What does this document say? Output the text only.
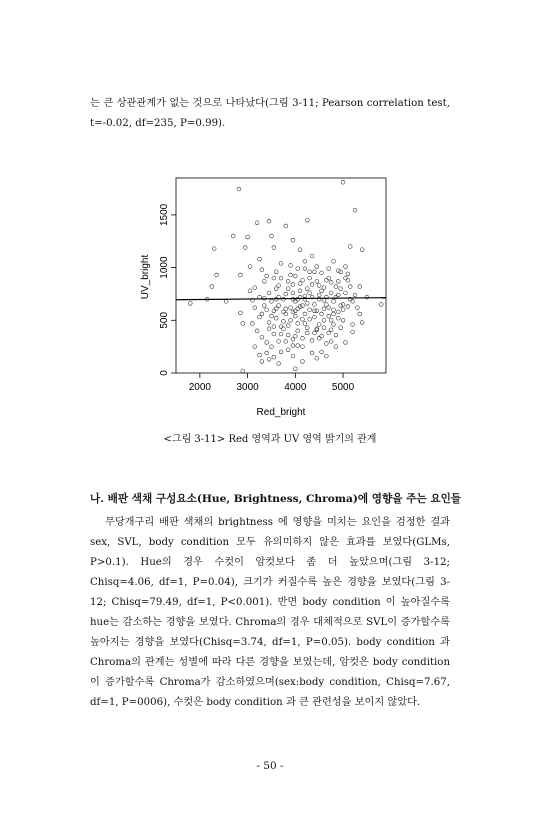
는 큰 상관관계가 없는 것으로 나타났다(그림 3-11; Pearson correlation test, t=-0.02, df=235, P=0.99).

2000	3000	4000	5000
0
500
1000
1500
Red_bright
UV_bright
<그림 3-11> Red 영역과 UV 영역 밝기의 관계
나. 배판 색채 구성요소(Hue, Brightness, Chroma)에 영향을 주는 요인들

무당개구리 배판 색채의 brightness 에 영향을 미치는 요인을 검정한 결과 sex, SVL, body condition 모두 유의미하지 않은 효과를 보였다(GLMs, P>0.1). Hue의 경우 수컷이 암컷보다 좀 더 높았으며(그림 3-12; Chisq=4.06, df=1, P=0.04), 크기가 커질수록 높은 경향을 보였다(그림 3-12; Chisq=79.49, df=1, P<0.001). 반면 body condition 이 높아질수록 hue는 감소하는 경향을 보였다. Chroma의 경우 대체적으로 SVL이 증가할수록 높아지는 경향을 보였다(Chisq=3.74, df=1, P=0.05). body condition 과 Chroma의 관계는 성별에 따라 다른 경향을 보였는데, 암컷은 body condition이 증가할수록 Chroma가 감소하였으며(sex:body condition, Chisq=7.67, df=1, P=0006), 수컷은 body condition 과 큰 관련성을 보이지 않았다.

- 50 -
